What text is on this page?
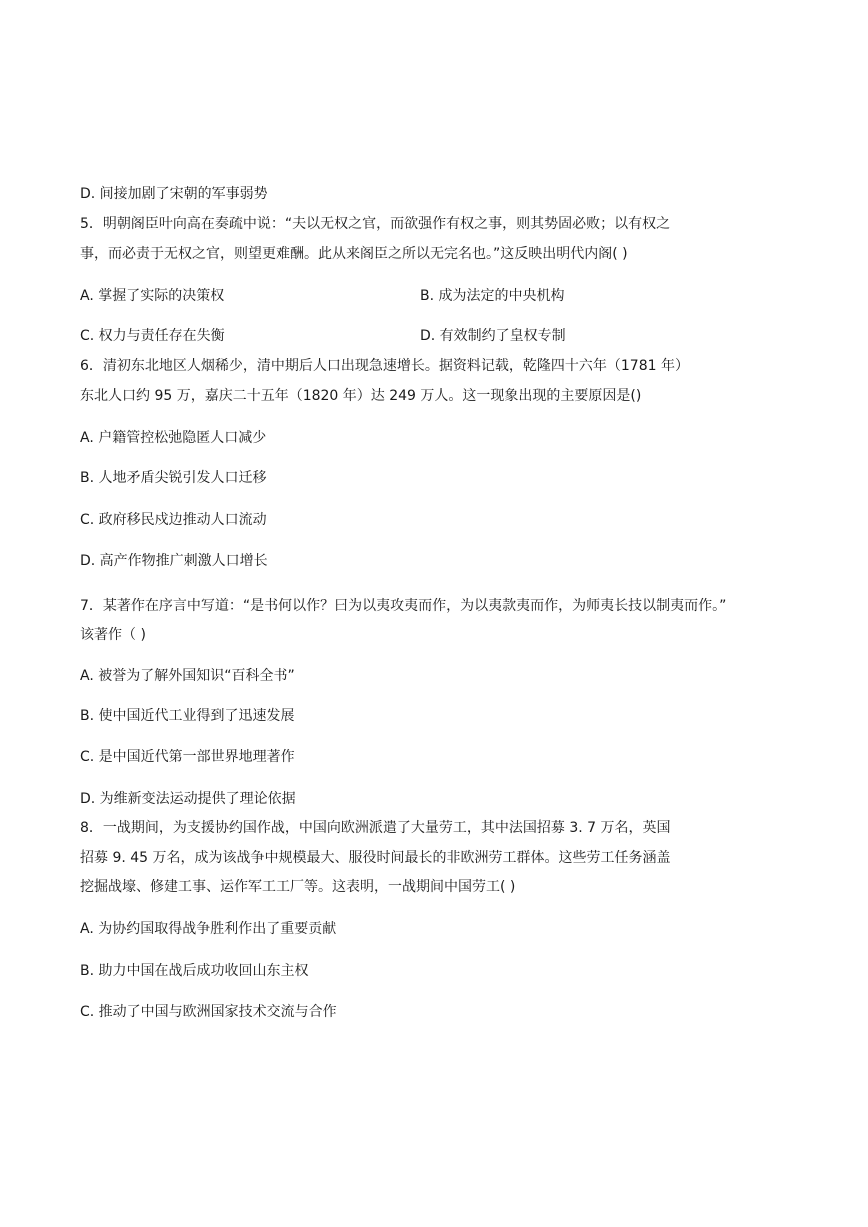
D. 间接加剧了宋朝的军事弱势
5．明朝阁臣叶向高在奏疏中说：“夫以无权之官，而欲强作有权之事，则其势固必败；以有权之
事，而必责于无权之官，则望更难酬。此从来阁臣之所以无完名也。”这反映出明代内阁( )
A. 掌握了实际的决策权	B. 成为法定的中央机构
C. 权力与责任存在失衡	D. 有效制约了皇权专制
6．清初东北地区人烟稀少，清中期后人口出现急速增长。据资料记载，乾隆四十六年（1781 年）
东北人口约 95 万，嘉庆二十五年（1820 年）达 249 万人。这一现象出现的主要原因是()
A. 户籍管控松弛隐匿人口减少
B. 人地矛盾尖锐引发人口迁移
C. 政府移民戍边推动人口流动
D. 高产作物推广刺激人口增长
7．某著作在序言中写道：“是书何以作？曰为以夷攻夷而作，为以夷款夷而作，为师夷长技以制夷而作。”
该著作（ )
A. 被誉为了解外国知识“百科全书”
B. 使中国近代工业得到了迅速发展
C. 是中国近代第一部世界地理著作
D. 为维新变法运动提供了理论依据
8．一战期间，为支援协约国作战，中国向欧洲派遣了大量劳工，其中法国招募 3. 7 万名，英国
招募 9. 45 万名，成为该战争中规模最大、服役时间最长的非欧洲劳工群体。这些劳工任务涵盖
挖掘战壕、修建工事、运作军工工厂等。这表明，一战期间中国劳工( )
A. 为协约国取得战争胜利作出了重要贡献
B. 助力中国在战后成功收回山东主权
C. 推动了中国与欧洲国家技术交流与合作
